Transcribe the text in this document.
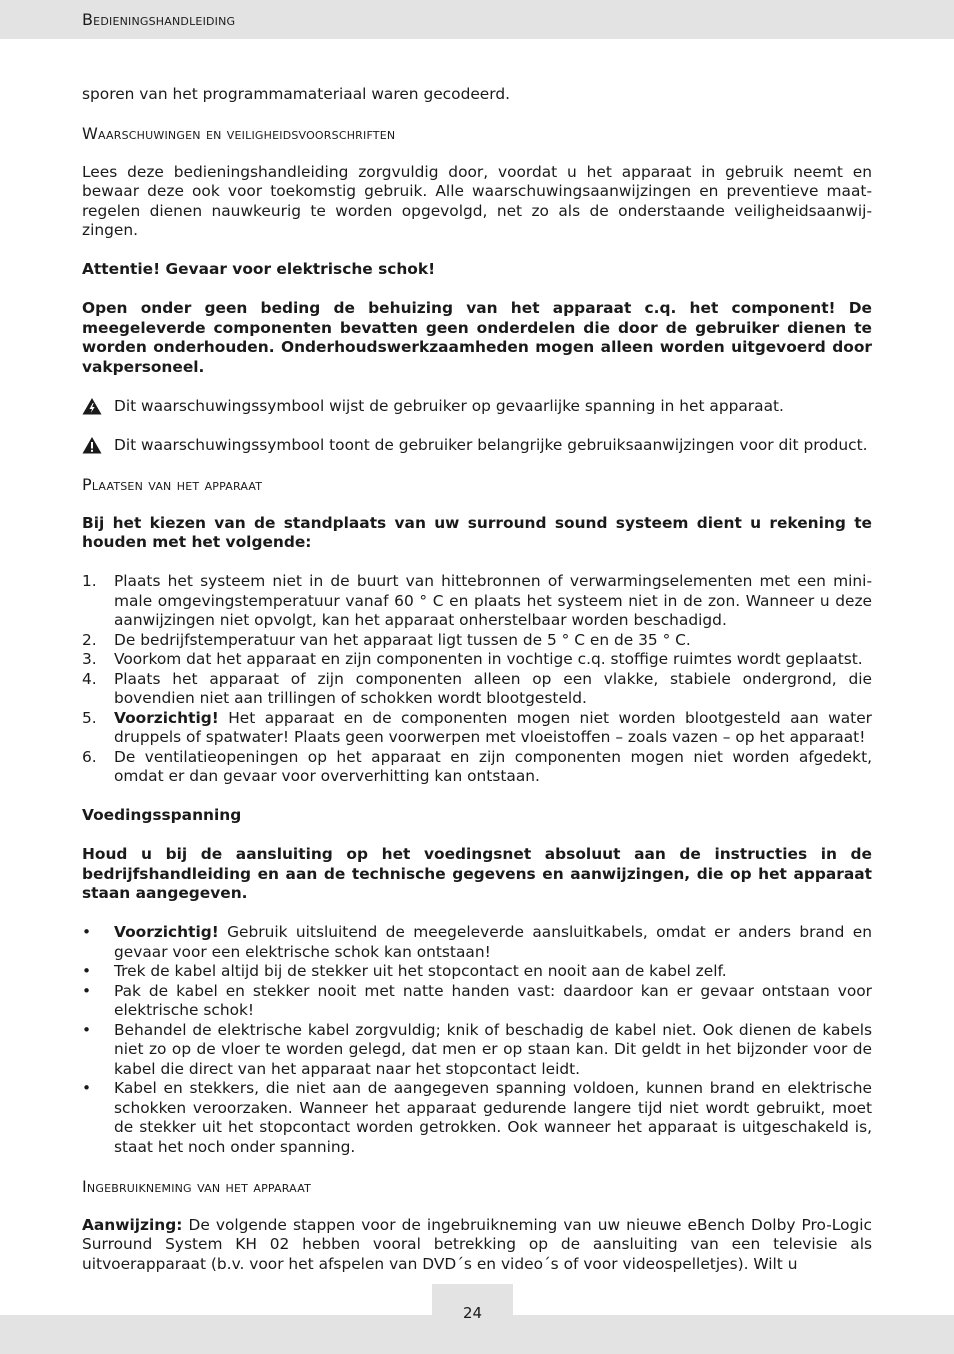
Bedieningshandleiding

sporen van het programmamateriaal waren gecodeerd.

Waarschuwingen en veiligheidsvoorschriften

Lees deze bedieningshandleiding zorgvuldig door, voordat u het apparaat in gebruik neemt en bewaar deze ook voor toekomstig gebruik. Alle waarschuwingsaanwijzingen en preventieve maatregelen dienen nauwkeurig te worden opgevolgd, net zo als de onderstaande veiligheidsaanwijzingen.

Attentie! Gevaar voor elektrische schok!

Open onder geen beding de behuizing van het apparaat c.q. het component! De meegeleverde componenten bevatten geen onderdelen die door de gebruiker dienen te worden onderhouden. Onderhoudswerkzaamheden mogen alleen worden uitgevoerd door vakpersoneel.

Dit waarschuwingssymbool wijst de gebruiker op gevaarlijke spanning in het apparaat.
Dit waarschuwingssymbool toont de gebruiker belangrijke gebruiksaanwijzingen voor dit product.
Plaatsen van het apparaat

Bij het kiezen van de standplaats van uw surround sound systeem dient u rekening te houden met het volgende:

1. Plaats het systeem niet in de buurt van hittebronnen of verwarmingselementen met een minimale omgevingstemperatuur vanaf 60 ° C en plaats het systeem niet in de zon. Wanneer u deze aanwijzingen niet opvolgt, kan het apparaat onherstelbaar worden beschadigd.
2. De bedrijfstemperatuur van het apparaat ligt tussen de 5 ° C en de 35 ° C.
3. Voorkom dat het apparaat en zijn componenten in vochtige c.q. stoffige ruimtes wordt geplaatst.
4. Plaats het apparaat of zijn componenten alleen op een vlakke, stabiele ondergrond, die bovendien niet aan trillingen of schokken wordt blootgesteld.
5. Voorzichtig! Het apparaat en de componenten mogen niet worden blootgesteld aan water druppels of spatwater! Plaats geen voorwerpen met vloeistoffen – zoals vazen – op het apparaat!
6. De ventilatieopeningen op het apparaat en zijn componenten mogen niet worden afgedekt, omdat er dan gevaar voor oververhitting kan ontstaan.

Voedingsspanning

Houd u bij de aansluiting op het voedingsnet absoluut aan de instructies in de bedrijfshandleiding en aan de technische gegevens en aanwijzingen, die op het apparaat staan aangegeven.

• Voorzichtig! Gebruik uitsluitend de meegeleverde aansluitkabels, omdat er anders brand en gevaar voor een elektrische schok kan ontstaan!
• Trek de kabel altijd bij de stekker uit het stopcontact en nooit aan de kabel zelf.
• Pak de kabel en stekker nooit met natte handen vast: daardoor kan er gevaar ontstaan voor elektrische schok!
• Behandel de elektrische kabel zorgvuldig; knik of beschadig de kabel niet. Ook dienen de kabels niet zo op de vloer te worden gelegd, dat men er op staan kan. Dit geldt in het bijzonder voor de kabel die direct van het apparaat naar het stopcontact leidt.
• Kabel en stekkers, die niet aan de aangegeven spanning voldoen, kunnen brand en elektrische schokken veroorzaken. Wanneer het apparaat gedurende langere tijd niet wordt gebruikt, moet de stekker uit het stopcontact worden getrokken. Ook wanneer het apparaat is uitgeschakeld is, staat het noch onder spanning.
Ingebruikneming van het apparaat

Aanwijzing: De volgende stappen voor de ingebruikneming van uw nieuwe eBench Dolby Pro-Logic Surround System KH 02 hebben vooral betrekking op de aansluiting van een televisie als uitvoerapparaat (b.v. voor het afspelen van DVD´s en video´s of voor videospelletjes). Wilt u

24
